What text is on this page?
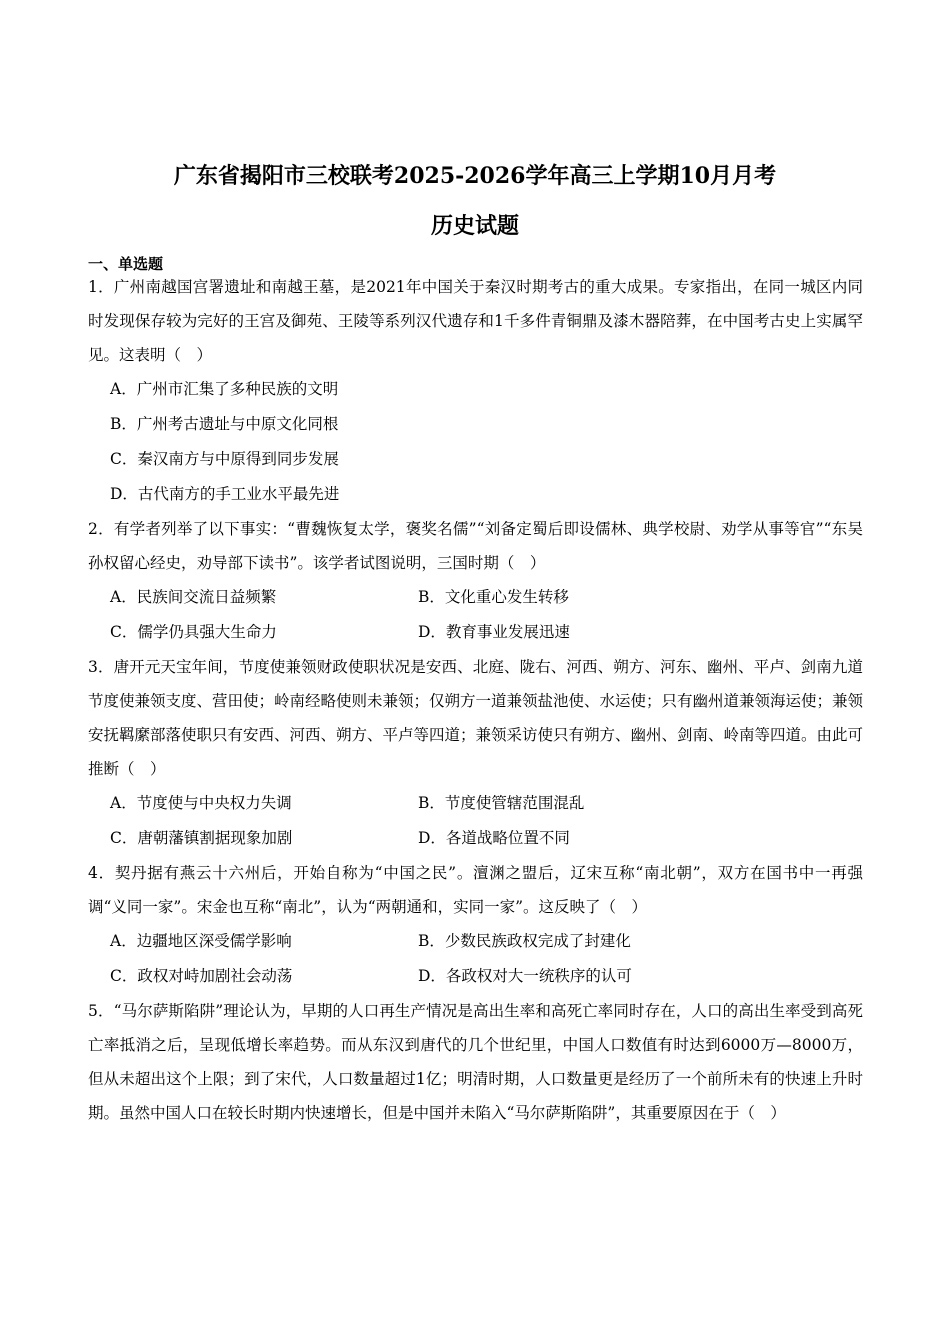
广东省揭阳市三校联考2025-2026学年高三上学期10月月考
历史试题
一、单选题

1．广州南越国宫署遗址和南越王墓，是2021年中国关于秦汉时期考古的重大成果。专家指出，在同一城区内同时发现保存较为完好的王宫及御苑、王陵等系列汉代遗存和1千多件青铜鼎及漆木器陪葬，在中国考古史上实属罕见。这表明（　）

A．广州市汇集了多种民族的文明
B．广州考古遗址与中原文化同根
C．秦汉南方与中原得到同步发展
D．古代南方的手工业水平最先进

2．有学者列举了以下事实：“曹魏恢复太学，褒奖名儒”“刘备定蜀后即设儒林、典学校尉、劝学从事等官”“东吴孙权留心经史，劝导部下读书”。该学者试图说明，三国时期（　）

A．民族间交流日益频繁	B．文化重心发生转移
C．儒学仍具强大生命力	D．教育事业发展迅速

3．唐开元天宝年间，节度使兼领财政使职状况是安西、北庭、陇右、河西、朔方、河东、幽州、平卢、剑南九道节度使兼领支度、营田使；岭南经略使则未兼领；仅朔方一道兼领盐池使、水运使；只有幽州道兼领海运使；兼领安抚羁縻部落使职只有安西、河西、朔方、平卢等四道；兼领采访使只有朔方、幽州、剑南、岭南等四道。由此可推断（　）

A．节度使与中央权力失调	B．节度使管辖范围混乱
C．唐朝藩镇割据现象加剧	D．各道战略位置不同

4．契丹据有燕云十六州后，开始自称为“中国之民”。澶渊之盟后，辽宋互称“南北朝”，双方在国书中一再强调“义同一家”。宋金也互称“南北”，认为“两朝通和，实同一家”。这反映了（　）

A．边疆地区深受儒学影响	B．少数民族政权完成了封建化
C．政权对峙加剧社会动荡	D．各政权对大一统秩序的认可

5．“马尔萨斯陷阱”理论认为，早期的人口再生产情况是高出生率和高死亡率同时存在，人口的高出生率受到高死亡率抵消之后，呈现低增长率趋势。而从东汉到唐代的几个世纪里，中国人口数值有时达到6000万—8000万，但从未超出这个上限；到了宋代，人口数量超过1亿；明清时期，人口数量更是经历了一个前所未有的快速上升时期。虽然中国人口在较长时期内快速增长，但是中国并未陷入“马尔萨斯陷阱”，其重要原因在于（　）
